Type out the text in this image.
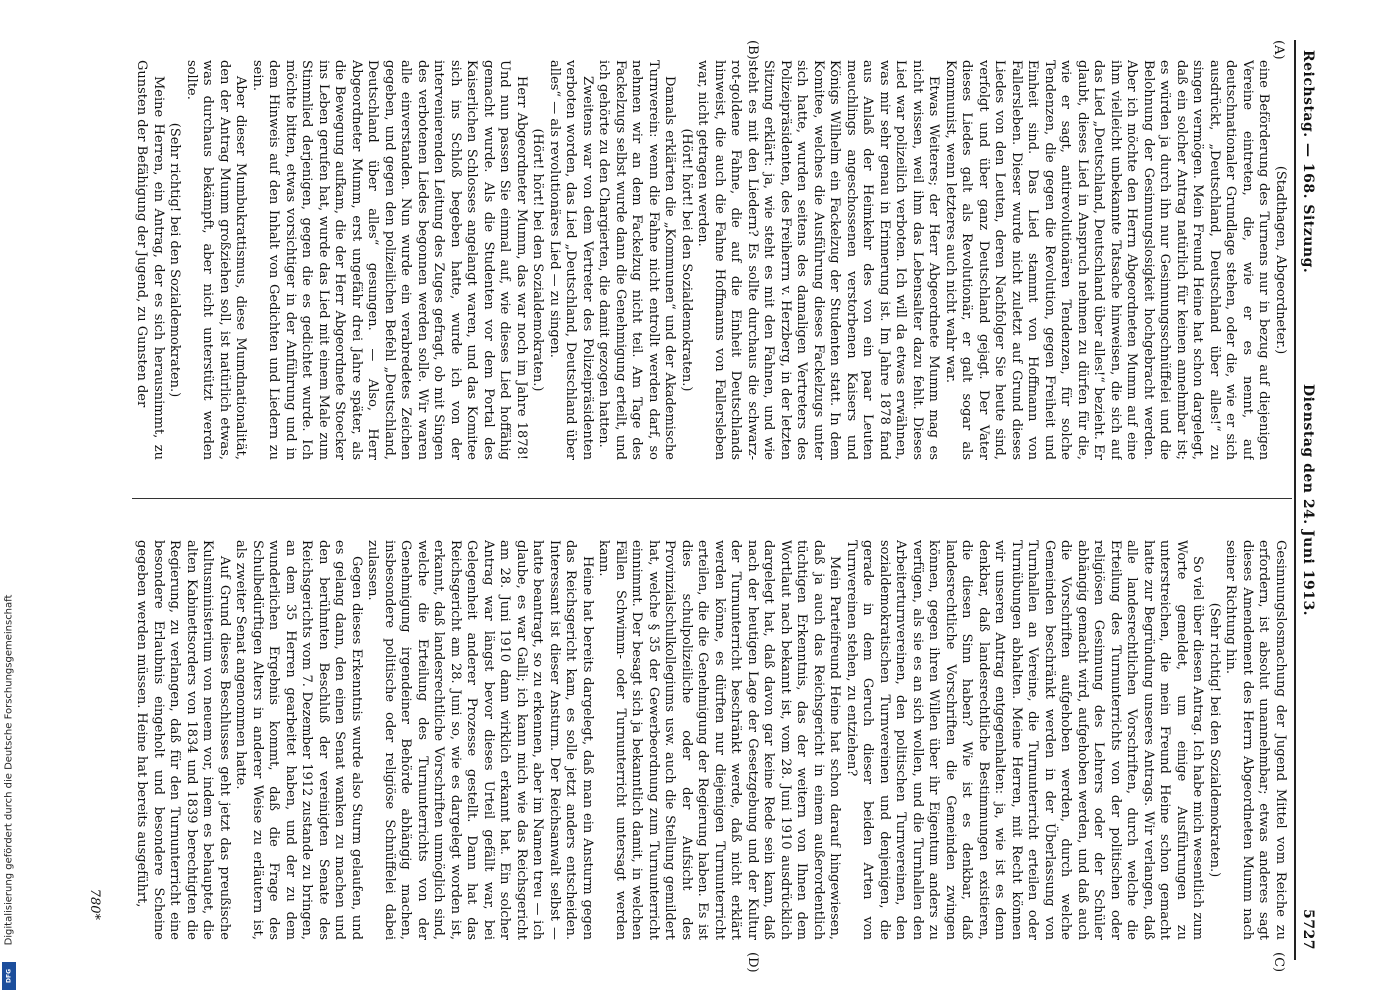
Reichstag. — 168. Sitzung.
Dienstag den 24. Juni 1913.
5727
(A)
(B)
(C)
(D)

(Stadthagen, Abgeordneter.)

eine Beförderung des Turnens nur in bezug auf diejenigen Vereine eintreten, die, wie er es nennt, auf deutschnationaler Grundlage stehen, oder die, wie er sich ausdrückt, „Deutschland, Deutschland über alles!“ zu singen vermögen. Mein Freund Heine hat schon dargelegt, daß ein solcher Antrag natürlich für keinen annehmbar ist; es würden ja durch ihn nur Gesinnungsschnüffelei und die Belohnung der Gesinnungslosigkeit hochgebracht werden. Aber ich möchte den Herrn Abgeordneten Mumm auf eine ihm vielleicht unbekannte Tatsache hinweisen, die sich auf das Lied „Deutschland, Deutschland über alles!“ bezieht. Er glaubt, dieses Lied in Anspruch nehmen zu dürfen für die, wie er sagt, antirevolutionären Tendenzen, für solche Tendenzen, die gegen die Revolution, gegen Freiheit und Einheit sind. Das Lied stammt von Hoffmann von Fallersleben. Dieser wurde nicht zuletzt auf Grund dieses Liedes von den Leuten, deren Nachfolger Sie heute sind, verfolgt und über ganz Deutschland gejagt. Der Vater dieses Liedes galt als Revolutionär, er galt sogar als Kommunist, wenn letzteres auch nicht wahr war.

Etwas Weiteres; der Herr Abgeordnete Mumm mag es nicht wissen, weil ihm das Lebensalter dazu fehlt. Dieses Lied war polizeilich verboten. Ich will da etwas erwähnen, was mir sehr genau in Erinnerung ist. Im Jahre 1878 fand aus Anlaß der Heimkehr des von ein paar Leuten meuchlings angeschossenen verstorbenen Kaisers und Königs Wilhelm ein Fackelzug der Studenten statt. In dem Komitee, welches die Ausführung dieses Fackelzugs unter sich hatte, wurden seitens des damaligen Vertreters des Polizeipräsidenten, des Freiherrn v. Herzberg, in der letzten Sitzung erklärt: ja, wie steht es mit den Fahnen, und wie steht es mit den Liedern? Es sollte durchaus die schwarz-rot-goldene Fahne, die auf die Einheit Deutschlands hinweist, die auch die Fahne Hoffmanns von Fallersleben war, nicht getragen werden.

(Hört! hört! bei den Sozialdemokraten.)

Damals erklärten die „Kommunen“ und der Akademische Turnverein: wenn die Fahne nicht entrollt werden darf, so nehmen wir an dem Fackelzug nicht teil. Am Tage des Fackelzugs selbst wurde dann die Genehmigung erteilt, und ich gehörte zu den Chargierten, die damit gezogen hatten.

Zweitens war von dem Vertreter des Polizeipräsidenten verboten worden, das Lied „Deutschland, Deutschland über alles“ — als revolutionäres Lied — zu singen.

(Hört! hört! bei den Sozialdemokraten.)

Herr Abgeordneter Mumm, das war noch im Jahre 1878! Und nun passen Sie einmal auf, wie dieses Lied hoffähig gemacht wurde. Als die Studenten vor dem Portal des Kaiserlichen Schlosses angelangt waren, und das Komitee sich ins Schloß begeben hatte, wurde ich von der intervenierenden Leitung des Zuges gefragt, ob mit Singen des verbotenen Liedes begonnen werden solle. Wir waren alle einverstanden. Nun wurde ein verabredetes Zeichen gegeben, und gegen den polizeilichen Befehl „Deutschland, Deutschland über alles“ gesungen. — Also, Herr Abgeordneter Mumm, erst ungefähr drei Jahre später, als die Bewegung aufkam, die der Herr Abgeordnete Stoecker ins Leben gerufen hat, wurde das Lied mit einem Male zum Stimmlied derjenigen, gegen die es gedichtet wurde. Ich möchte bitten, etwas vorsichtiger in der Anführung und in dem Hinweis auf den Inhalt von Gedichten und Liedern zu sein.

Aber dieser Mumbukrattismus, diese Mumdnationalität, den der Antrag Mumm großziehen soll, ist natürlich etwas, was durchaus bekämpft, aber nicht unterstützt werden sollte.

(Sehr richtig! bei den Sozialdemokraten.)

Meine Herren, ein Antrag, der es sich herausnimmt, zu Gunsten der Befähigung der Jugend, zu Gunsten der

Gesinnungslosmachung der Jugend Mittel vom Reiche zu erfordern, ist absolut unannehmbar; etwas anderes sagt dieses Amendement des Herrn Abgeordneten Mumm nach seiner Richtung hin.

(Sehr richtig! bei den Sozialdemokraten.)

So viel über diesen Antrag. Ich habe mich wesentlich zum Worte gemeldet, um einige Ausführungen zu unterstreichen, die mein Freund Heine schon gemacht hatte zur Begründung unseres Antrags. Wir verlangen, daß alle landesrechtlichen Vorschriften, durch welche die Erteilung des Turnunterrichts von der politischen oder religiösen Gesinnung des Lehrers oder der Schüler abhängig gemacht wird, aufgehoben werden, und daß auch die Vorschriften aufgehoben werden, durch welche Gemeinden beschränkt werden in der Überlassung von Turnhallen an Vereine, die Turnunterricht erteilen oder Turnübungen abhalten. Meine Herren, mit Recht können wir unseren Antrag entgegenhalten: ja, wie ist es denn denkbar, daß landesrechtliche Bestimmungen existieren, die diesen Sinn haben? Wie ist es denkbar, daß landesrechtliche Vorschriften die Gemeinden zwingen können, gegen ihren Willen über ihr Eigentum anders zu verfügen, als sie es an sich wollen, und die Turnhallen den Arbeiterturnvereinen, den politischen Turnvereinen, den sozialdemokratischen Turnvereinen und denjenigen, die gerade in dem Geruch dieser beiden Arten von Turnvereinen stehen, zu entziehen?

Mein Parteifreund Heine hat schon darauf hingewiesen, daß ja auch das Reichsgericht in einem außerordentlich tüchtigen Erkenntnis, das der weitern von Ihnen dem Wortlaut nach bekannt ist, vom 28. Juni 1910 ausdrücklich dargelegt hat, daß davon gar keine Rede sein kann, daß nach der heutigen Lage der Gesetzgebung und der Kultur der Turnunterricht beschränkt werde, daß nicht erklärt werden könne, es dürften nur diejenigen Turnunterricht erteilen, die die Genehmigung der Regierung haben. Es ist dies schulpolizeiliche oder der Aufsicht des Provinzialschulkollegiums usw. auch die Stellung gemildert hat, welche § 35 der Gewerbeordnung zum Turnunterricht einnimmt. Der besagt sich ja bekanntlich damit, in welchen Fällen Schwimm- oder Turnunterricht untersagt werden kann.

Heine hat bereits dargelegt, daß man ein Ansturm gegen das Reichsgericht kam, es solle jetzt anders entscheiden. Interessant ist dieser Ansturm. Der Reichsanwalt selbst — hatte beantragt, so zu erkennen, aber im Namen treu — ich glaube, es war Galli; ich kann mich wie das Reichsgericht am 28. Juni 1910 dann wirklich erkannt hat. Ein solcher Antrag war längst bevor dieses Urteil gefällt war, bei Gelegenheit anderer Prozesse gestellt. Dann hat das Reichsgericht am 28. Juni so, wie es dargelegt worden ist, erkannt, daß landesrechtliche Vorschriften unmöglich sind, welche die Erteilung des Turnunterrichts von der Genehmigung irgendeiner Behörde abhängig machen, insbesondere politische oder religiöse Schnüffelei dabei zulassen.

Gegen dieses Erkenntnis wurde also Sturm gelaufen, und es gelang dann, den einen Senat wanken zu machen und den berühmten Beschluß der vereinigten Senate des Reichsgerichts vom 7. Dezember 1912 zustande zu bringen, an dem 35 Herren gearbeitet haben, und der zu dem wunderlichen Ergebnis kommt, daß die Frage des Schulbedürftigen Alters in anderer Weise zu erläutern ist, als zweiter Senat angenommen hatte.

Auf Grund dieses Beschlusses geht jetzt das preußische Kultusministerium von neuem vor, indem es behauptet, die alten Kabinettsorders von 1834 und 1839 berechtigten die Regierung, zu verlangen, daß für den Turnunterricht eine besondere Erlaubnis eingeholt und besondere Scheine gegeben werden müssen. Heine hat bereits ausgeführt,

780*
Digitalisierung gefördert durch die Deutsche Forschungsgemeinschaft
DFG
